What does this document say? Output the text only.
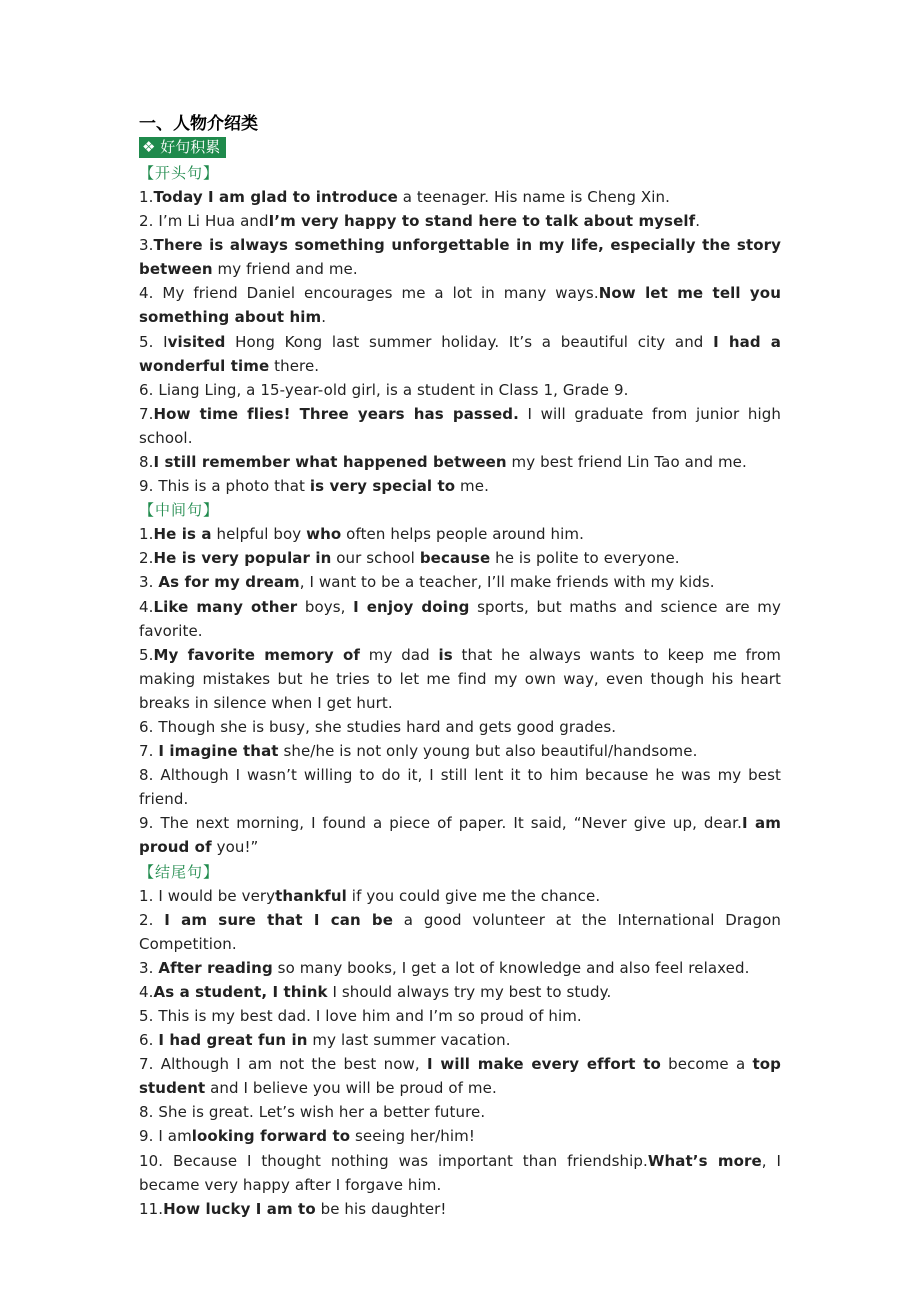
一、人物介绍类
❖ 好句积累
【开头句】
1.Today I am glad to introduce a teenager. His name is Cheng Xin.
2. I’m Li Hua andI’m very happy to stand here to talk about myself.
3.There is always something unforgettable in my life, especially the story between my friend and me.
4. My friend Daniel encourages me a lot in many ways.Now let me tell you something about him.
5. Ivisited Hong Kong last summer holiday. It’s a beautiful city and I had a wonderful time there.
6. Liang Ling, a 15-year-old girl, is a student in Class 1, Grade 9.
7.How time flies! Three years has passed. I will graduate from junior high school.
8.I still remember what happened between my best friend Lin Tao and me.
9. This is a photo that is very special to me.
【中间句】
1.He is a helpful boy who often helps people around him.
2.He is very popular in our school because he is polite to everyone.
3. As for my dream, I want to be a teacher, I’ll make friends with my kids.
4.Like many other boys, I enjoy doing sports, but maths and science are my favorite.
5.My favorite memory of my dad is that he always wants to keep me from making mistakes but he tries to let me find my own way, even though his heart breaks in silence when I get hurt.
6. Though she is busy, she studies hard and gets good grades.
7. I imagine that she/he is not only young but also beautiful/handsome.
8. Although I wasn’t willing to do it, I still lent it to him because he was my best friend.
9. The next morning, I found a piece of paper. It said, “Never give up, dear.I am proud of you!”
【结尾句】
1. I would be verythankful if you could give me the chance.
2. I am sure that I can be a good volunteer at the International Dragon Competition.
3. After reading so many books, I get a lot of knowledge and also feel relaxed.
4.As a student, I think I should always try my best to study.
5. This is my best dad. I love him and I’m so proud of him.
6. I had great fun in my last summer vacation.
7. Although I am not the best now, I will make every effort to become a top student and I believe you will be proud of me.
8. She is great. Let’s wish her a better future.
9. I amlooking forward to seeing her/him!
10. Because I thought nothing was important than friendship.What’s more, I became very happy after I forgave him.
11.How lucky I am to be his daughter!
